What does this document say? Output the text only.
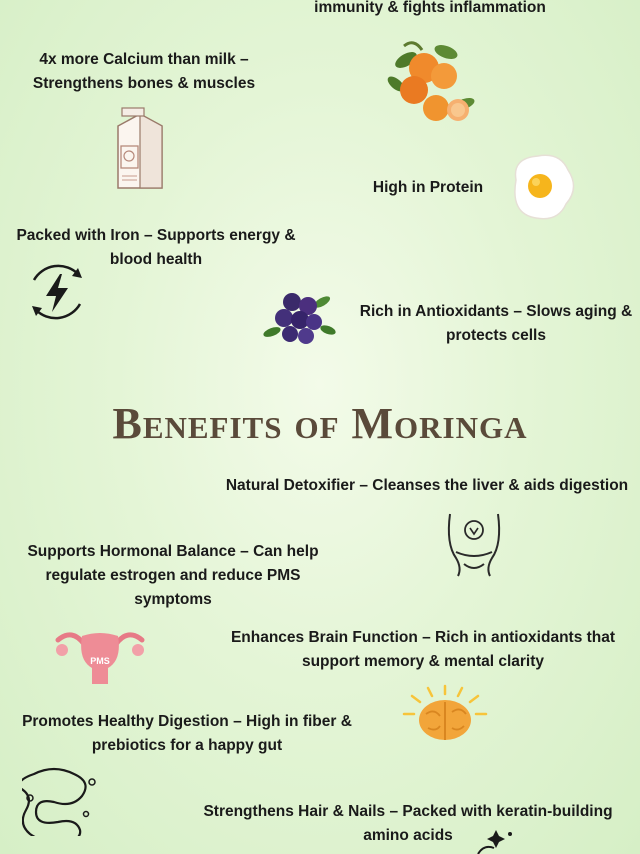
immunity & fights inflammation
4x more Calcium than milk –
Strengthens bones & muscles
High in Protein
Packed with Iron – Supports energy &
blood health
Rich in Antioxidants – Slows aging &
protects cells
Benefits of Moringa
Natural Detoxifier – Cleanses the liver & aids digestion
Supports Hormonal Balance – Can help
regulate estrogen and reduce PMS
symptoms
PMS
Enhances Brain Function – Rich in antioxidants that
support memory & mental clarity
Promotes Healthy Digestion – High in fiber &
prebiotics for a happy gut
Strengthens Hair & Nails – Packed with keratin-building
amino acids
